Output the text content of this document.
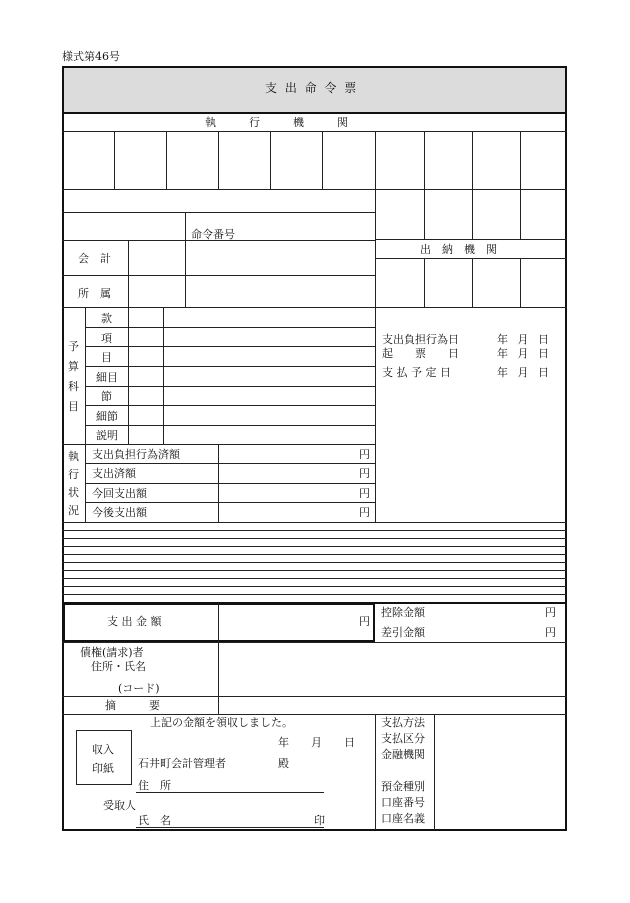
様式第46号
支 出 命 令 票
執　　　行　　　機　　　関
命令番号
出　納　機　関
会　計
所　属
予
算
科
目
款
項
目
細目
節
細節
説明
支出負担行為日	年 月 日
起　　票　　日	年 月 日
支 払 予 定 日	年 月 日
執
行
状
況
支出負担行為済額	円
支出済額	円
今回支出額	円
今後支出額	円
支 出 金 額	円
控除金額	円
差引金額	円
債権(請求)者
住所・氏名
(コード)
摘　　　要
上記の金額を領収しました。
年　　月　　日
収入
印紙 石井町会計管理者	殿
住　所
受取人
氏　名	印
支払方法
支払区分
金融機関
預金種別
口座番号
口座名義
